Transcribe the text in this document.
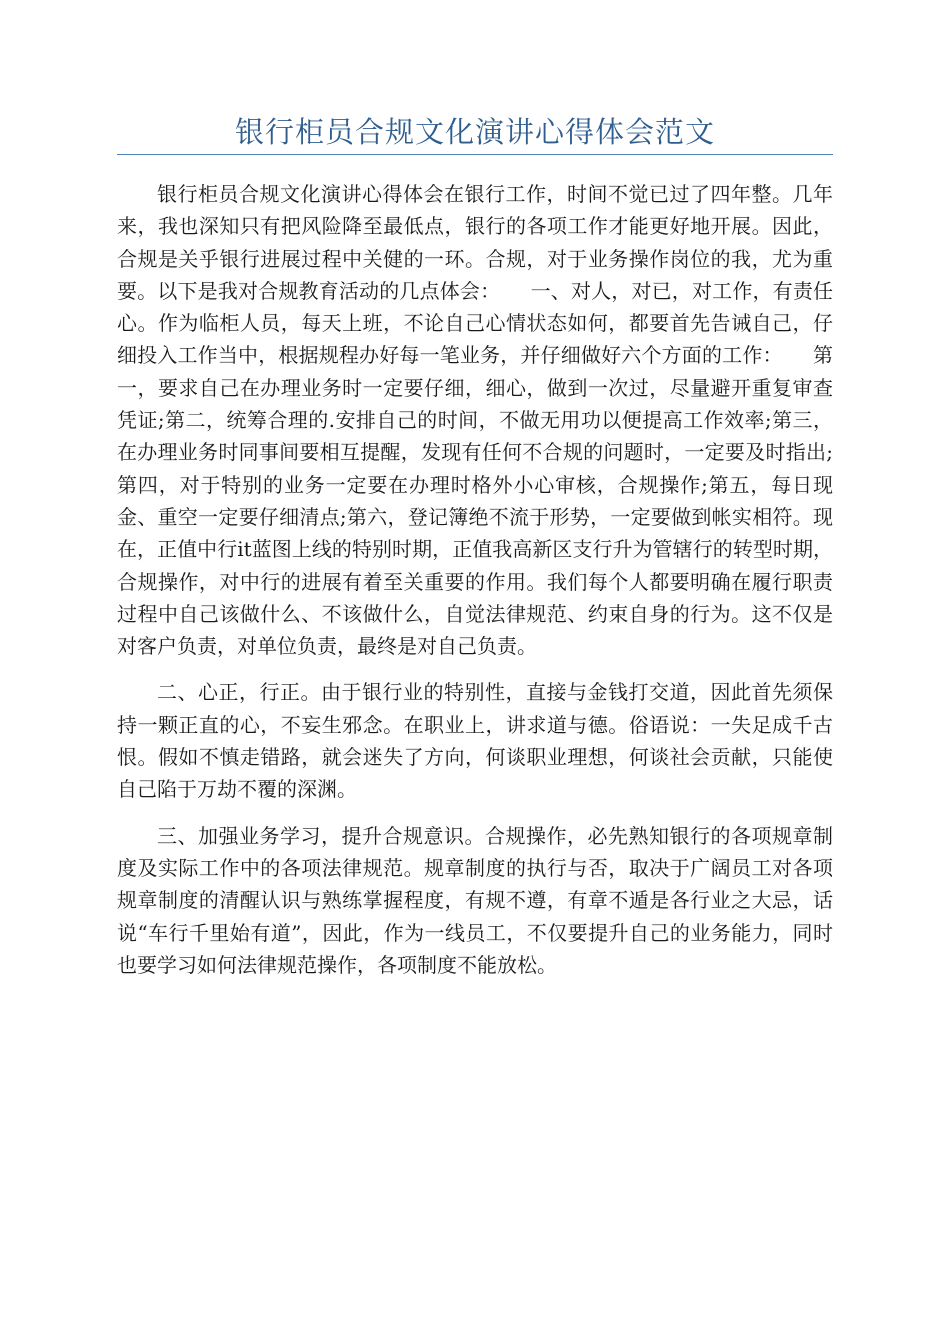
银行柜员合规文化演讲心得体会范文

银行柜员合规文化演讲心得体会在银行工作，时间不觉已过了四年整。几年来，我也深知只有把风险降至最低点，银行的各项工作才能更好地开展。因此，合规是关乎银行进展过程中关健的一环。合规，对于业务操作岗位的我，尤为重要。以下是我对合规教育活动的几点体会：　　一、对人，对已，对工作，有责任心。作为临柜人员，每天上班，不论自己心情状态如何，都要首先告诫自己，仔细投入工作当中，根据规程办好每一笔业务，并仔细做好六个方面的工作：　　第一，要求自己在办理业务时一定要仔细，细心，做到一次过，尽量避开重复审查凭证;第二，统筹合理的.安排自己的时间，不做无用功以便提高工作效率;第三，在办理业务时同事间要相互提醒，发现有任何不合规的问题时，一定要及时指出;第四，对于特别的业务一定要在办理时格外小心审核，合规操作;第五，每日现金、重空一定要仔细清点;第六，登记簿绝不流于形势，一定要做到帐实相符。现在，正值中行it蓝图上线的特别时期，正值我高新区支行升为管辖行的转型时期，合规操作，对中行的进展有着至关重要的作用。我们每个人都要明确在履行职责过程中自己该做什么、不该做什么，自觉法律规范、约束自身的行为。这不仅是对客户负责，对单位负责，最终是对自己负责。

二、心正，行正。由于银行业的特别性，直接与金钱打交道，因此首先须保持一颗正直的心，不妄生邪念。在职业上，讲求道与德。俗语说：一失足成千古恨。假如不慎走错路，就会迷失了方向，何谈职业理想，何谈社会贡献，只能使自己陷于万劫不覆的深渊。

三、加强业务学习，提升合规意识。合规操作，必先熟知银行的各项规章制度及实际工作中的各项法律规范。规章制度的执行与否，取决于广阔员工对各项规章制度的清醒认识与熟练掌握程度，有规不遵，有章不遁是各行业之大忌，话说“车行千里始有道”，因此，作为一线员工，不仅要提升自己的业务能力，同时也要学习如何法律规范操作，各项制度不能放松。
